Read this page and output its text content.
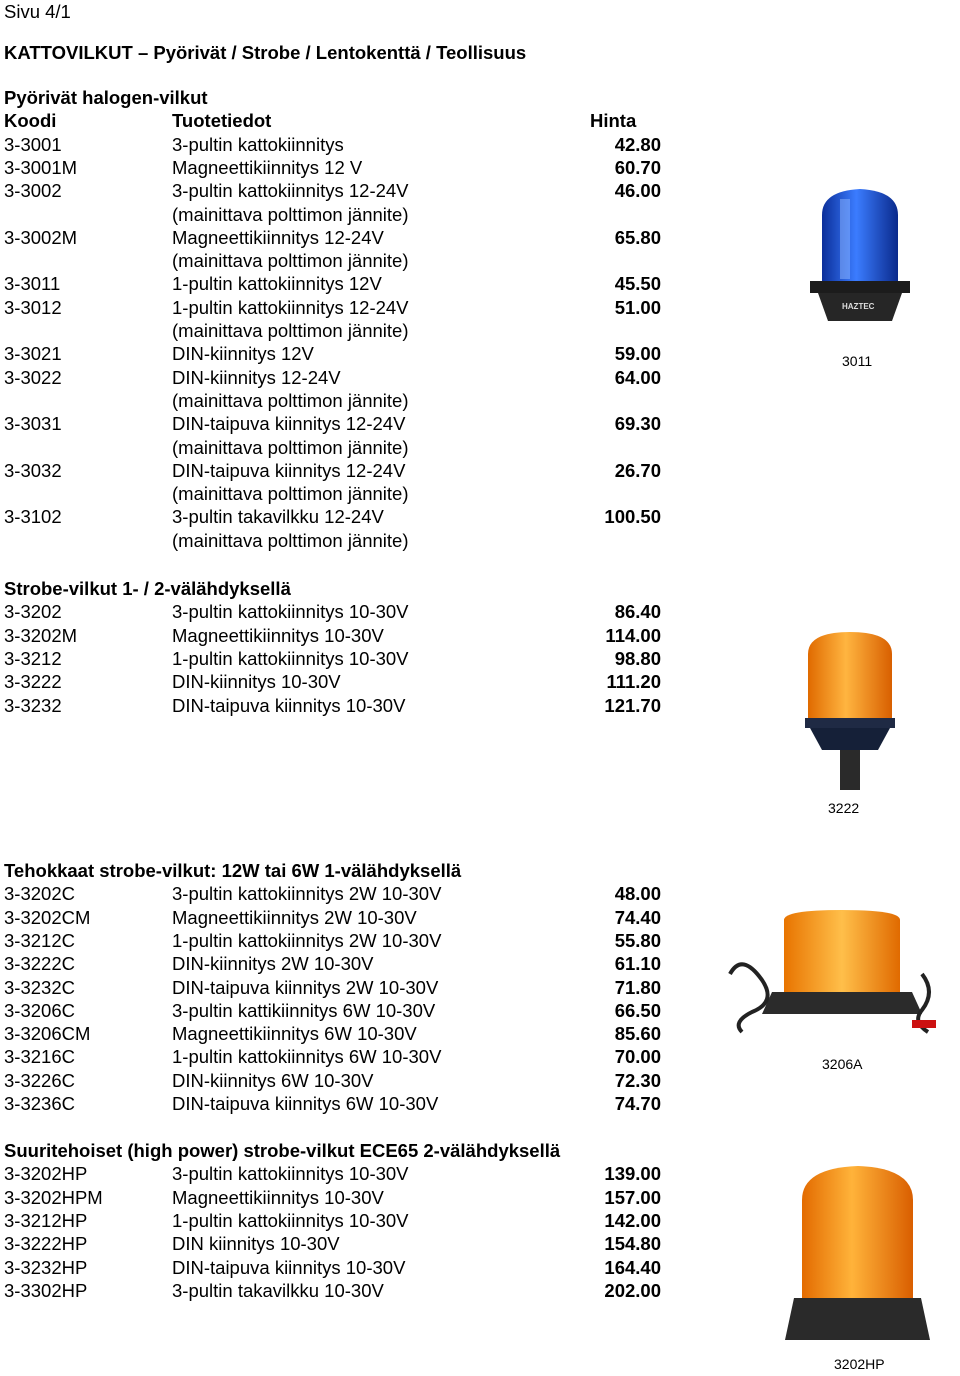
Sivu 4/1
KATTOVILKUT – Pyörivät / Strobe / Lentokenttä / Teollisuus
Pyörivät halogen-vilkut
Koodi	Tuotetiedot	Hinta
3-3001	3-pultin kattokiinnitys	42.80
3-3001M	Magneettikiinnitys 12 V	60.70
3-3002	3-pultin kattokiinnitys 12-24V	46.00
(mainittava polttimon jännite)
3-3002M	Magneettikiinnitys 12-24V	65.80
(mainittava polttimon jännite)
3-3011	1-pultin kattokiinnitys 12V	45.50
3-3012	1-pultin kattokiinnitys 12-24V	51.00
(mainittava polttimon jännite)
3-3021	DIN-kiinnitys 12V	59.00
3-3022	DIN-kiinnitys 12-24V	64.00
(mainittava polttimon jännite)
3-3031	DIN-taipuva kiinnitys 12-24V	69.30
(mainittava polttimon jännite)
3-3032	DIN-taipuva kiinnitys 12-24V	26.70
(mainittava polttimon jännite)
3-3102	3-pultin takavilkku 12-24V	100.50
(mainittava polttimon jännite)
Strobe-vilkut 1- / 2-välähdyksellä
3-3202	3-pultin kattokiinnitys 10-30V	86.40
3-3202M	Magneettikiinnitys 10-30V	114.00
3-3212	1-pultin kattokiinnitys 10-30V	98.80
3-3222	DIN-kiinnitys 10-30V	111.20
3-3232	DIN-taipuva kiinnitys 10-30V	121.70
Tehokkaat strobe-vilkut: 12W tai 6W 1-välähdyksellä
3-3202C	3-pultin kattokiinnitys 2W 10-30V	48.00
3-3202CM	Magneettikiinnitys 2W 10-30V	74.40
3-3212C	1-pultin kattokiinnitys 2W 10-30V	55.80
3-3222C	DIN-kiinnitys 2W 10-30V	61.10
3-3232C	DIN-taipuva kiinnitys 2W 10-30V	71.80
3-3206C	3-pultin kattikiinnitys 6W 10-30V	66.50
3-3206CM	Magneettikiinnitys 6W 10-30V	85.60
3-3216C	1-pultin kattokiinnitys 6W 10-30V	70.00
3-3226C	DIN-kiinnitys 6W 10-30V	72.30
3-3236C	DIN-taipuva kiinnitys 6W 10-30V	74.70
Suuritehoiset (high power) strobe-vilkut ECE65 2-välähdyksellä
3-3202HP	3-pultin kattokiinnitys 10-30V	139.00
3-3202HPM	Magneettikiinnitys 10-30V	157.00
3-3212HP	1-pultin kattokiinnitys 10-30V	142.00
3-3222HP	DIN kiinnitys 10-30V	154.80
3-3232HP	DIN-taipuva kiinnitys 10-30V	164.40
3-3302HP	3-pultin takavilkku 10-30V	202.00
HAZTEC
3011
3222
3206A
3202HP
